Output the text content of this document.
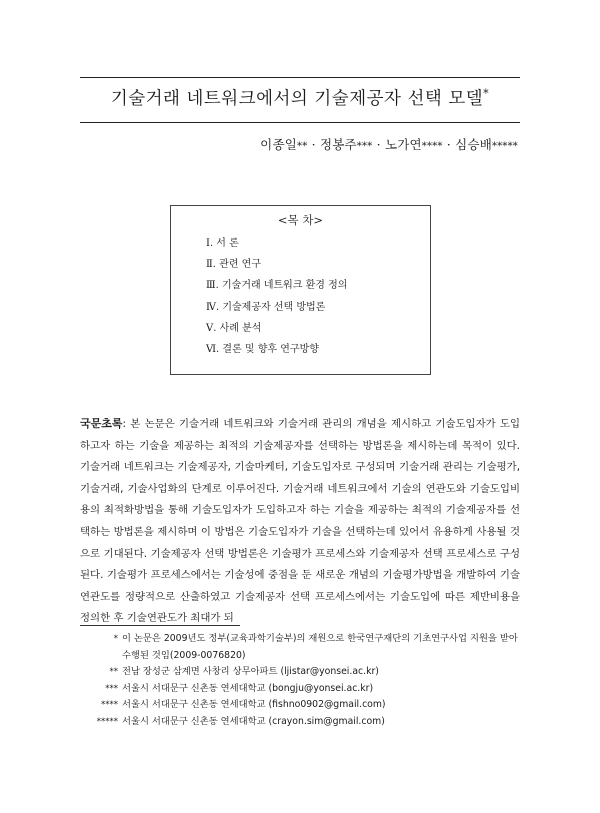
기술거래 네트워크에서의 기술제공자 선택 모델*
이종일** · 정봉주*** · 노가연**** · 심승배*****
<목 차>
Ⅰ. 서 론
Ⅱ. 관련 연구
Ⅲ. 기술거래 네트워크 환경 정의
Ⅳ. 기술제공자 선택 방법론
Ⅴ. 사례 분석
Ⅵ. 결론 및 향후 연구방향
국문초록: 본 논문은 기술거래 네트워크와 기술거래 관리의 개념을 제시하고 기술도입자가 도입하고자 하는 기술을 제공하는 최적의 기술제공자를 선택하는 방법론을 제시하는데 목적이 있다. 기술거래 네트워크는 기술제공자, 기술마케터, 기술도입자로 구성되며 기술거래 관리는 기술평가, 기술거래, 기술사업화의 단계로 이루어진다. 기술거래 네트워크에서 기술의 연관도와 기술도입비용의 최적화방법을 통해 기술도입자가 도입하고자 하는 기술을 제공하는 최적의 기술제공자를 선택하는 방법론을 제시하며 이 방법은 기술도입자가 기술을 선택하는데 있어서 유용하게 사용될 것으로 기대된다. 기술제공자 선택 방법론은 기술평가 프로세스와 기술제공자 선택 프로세스로 구성된다. 기술평가 프로세스에서는 기술성에 중점을 둔 새로운 개념의 기술평가방법을 개발하여 기술연관도를 정량적으로 산출하였고 기술제공자 선택 프로세스에서는 기술도입에 따른 제반비용을 정의한 후 기술연관도가 최대가 되
* 이 논문은 2009년도 정부(교육과학기술부)의 재원으로 한국연구재단의 기초연구사업 지원을 받아 수행된 것임(2009-0076820)
** 전남 장성군 삼계면 사창리 상무아파트 (ljistar@yonsei.ac.kr)
*** 서울시 서대문구 신촌동 연세대학교 (bongju@yonsei.ac.kr)
**** 서울시 서대문구 신촌동 연세대학교 (fishno0902@gmail.com)
***** 서울시 서대문구 신촌동 연세대학교 (crayon.sim@gmail.com)
